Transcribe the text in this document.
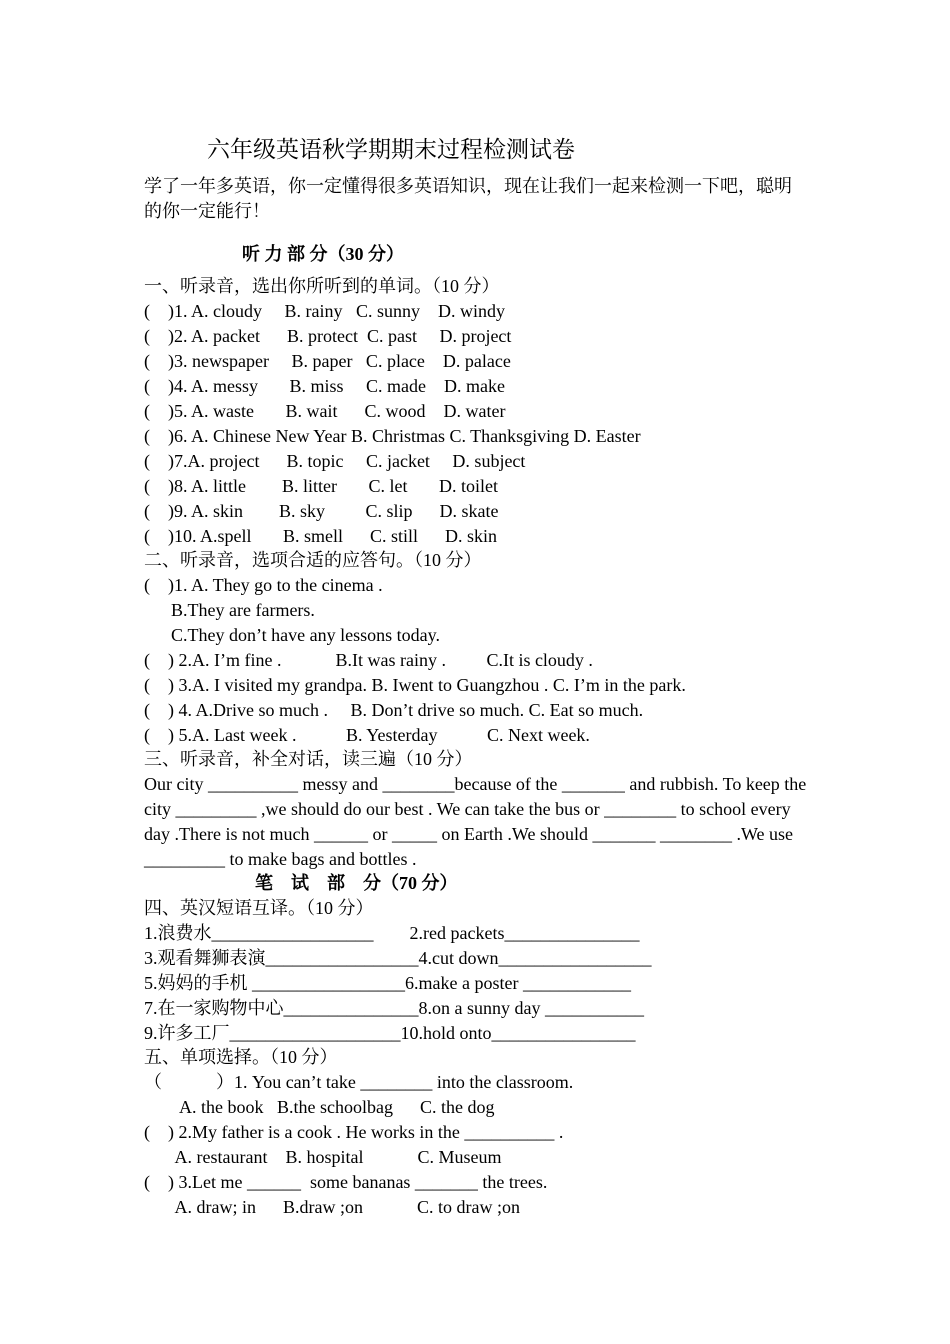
六年级英语秋学期期末过程检测试卷
学了一年多英语，你一定懂得很多英语知识，现在让我们一起来检测一下吧，聪明的你一定能行！
听 力 部 分（30 分）
一、听录音，选出你所听到的单词。（10 分）
(    )1. A. cloudy     B. rainy   C. sunny    D. windy
(    )2. A. packet      B. protect  C. past     D. project
(    )3. newspaper     B. paper   C. place    D. palace
(    )4. A. messy       B. miss     C. made    D. make
(    )5. A. waste       B. wait      C. wood    D. water
(    )6. A. Chinese New Year B. Christmas C. Thanksgiving D. Easter
(    )7.A. project      B. topic     C. jacket     D. subject
(    )8. A. little        B. litter       C. let       D. toilet
(    )9. A. skin        B. sky         C. slip      D. skate
(    )10. A.spell       B. smell      C. still      D. skin
二、听录音，选项合适的应答句。（10 分）
(    )1. A. They go to the cinema .
B.They are farmers.
C.They don’t have any lessons today.
(    ) 2.A. I’m fine .            B.It was rainy .         C.It is cloudy .
(    ) 3.A. I visited my grandpa. B. Iwent to Guangzhou . C. I’m in the park.
(    ) 4. A.Drive so much .     B. Don’t drive so much. C. Eat so much.
(    ) 5.A. Last week .           B. Yesterday           C. Next week.
三、听录音，补全对话，读三遍（10 分）
Our city __________ messy and ________because of the _______ and rubbish. To keep the city _________ ,we should do our best . We can take the bus or ________ to school every day .There is not much ______ or _____ on Earth .We should _______ ________ .We use _________ to make bags and bottles .
笔    试    部    分（70 分）
四、英汉短语互译。（10 分）
1.浪费水__________________        2.red packets_______________
3.观看舞狮表演_________________4.cut down_________________
5.妈妈的手机 _________________6.make a poster ____________
7.在一家购物中心_______________8.on a sunny day ___________
9.许多工厂___________________10.hold onto________________
五、单项选择。（10 分）
（            ）1. You can’t take ________ into the classroom.
A. the book   B.the schoolbag      C. the dog
(    ) 2.My father is a cook . He works in the __________ .
A. restaurant    B. hospital            C. Museum
(    ) 3.Let me ______  some bananas _______ the trees.
A. draw; in      B.draw ;on            C. to draw ;on
